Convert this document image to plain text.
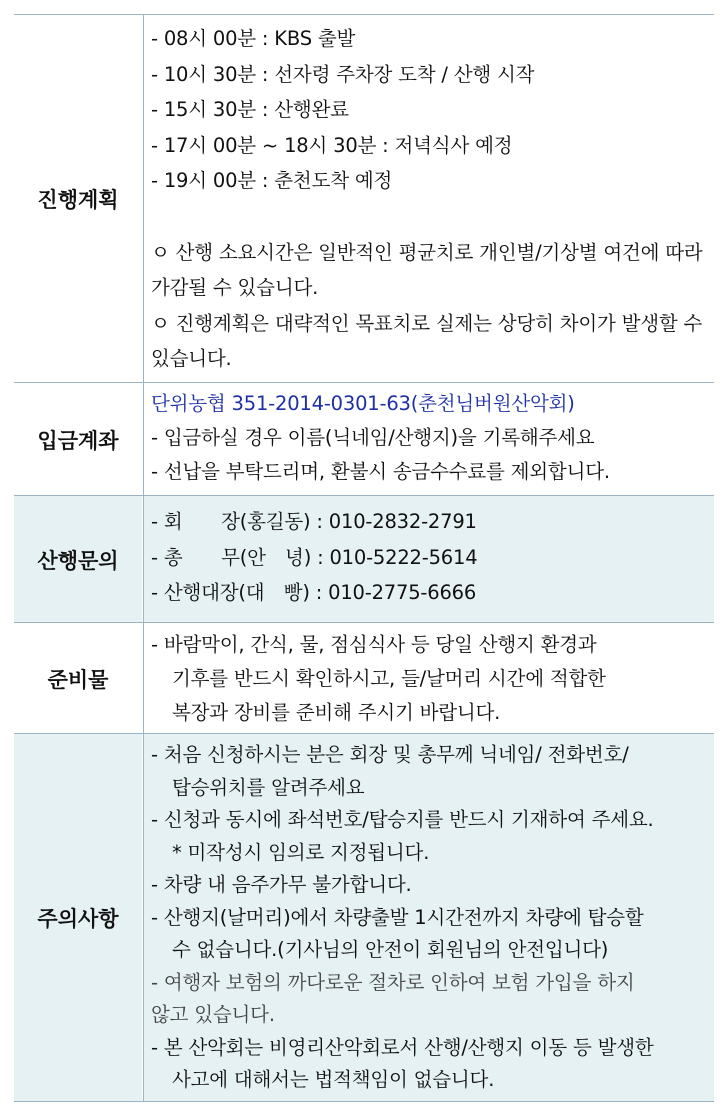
진행계획

- 08시 00분 : KBS 출발

- 10시 30분 : 선자령 주차장 도착 / 산행 시작

- 15시 30분 : 산행완료

- 17시 00분 ~ 18시 30분 : 저녁식사 예정

- 19시 00분 : 춘천도착 예정

ㅇ 산행 소요시간은 일반적인 평균치로 개인별/기상별 여건에 따라 가감될 수 있습니다.

ㅇ 진행계획은 대략적인 목표치로 실제는 상당히 차이가 발생할 수 있습니다.

입금계좌

단위농협 351-2014-0301-63(춘천님버원산악회)

- 입금하실 경우 이름(닉네임/산행지)을 기록해주세요

- 선납을 부탁드리며, 환불시 송금수수료를 제외합니다.

산행문의

- 회　　장(홍길동) : 010-2832-2791

- 총　　무(안　녕) : 010-5222-5614

- 산행대장(대　빵) : 010-2775-6666

준비물

- 바람막이, 간식, 물, 점심식사 등 당일 산행지 환경과

기후를 반드시 확인하시고, 들/날머리 시간에 적합한

복장과 장비를 준비해 주시기 바랍니다.

주의사항

- 처음 신청하시는 분은 회장 및 총무께 닉네임/ 전화번호/

탑승위치를 알려주세요

- 신청과 동시에 좌석번호/탑승지를 반드시 기재하여 주세요.

* 미작성시 임의로 지정됩니다.

- 차량 내 음주가무 불가합니다.

- 산행지(날머리)에서 차량출발 1시간전까지 차량에 탑승할

수 없습니다.(기사님의 안전이 회원님의 안전입니다)

- 여행자 보험의 까다로운 절차로 인하여 보험 가입을 하지

않고 있습니다.

- 본 산악회는 비영리산악회로서 산행/산행지 이동 등 발생한

사고에 대해서는 법적책임이 없습니다.
